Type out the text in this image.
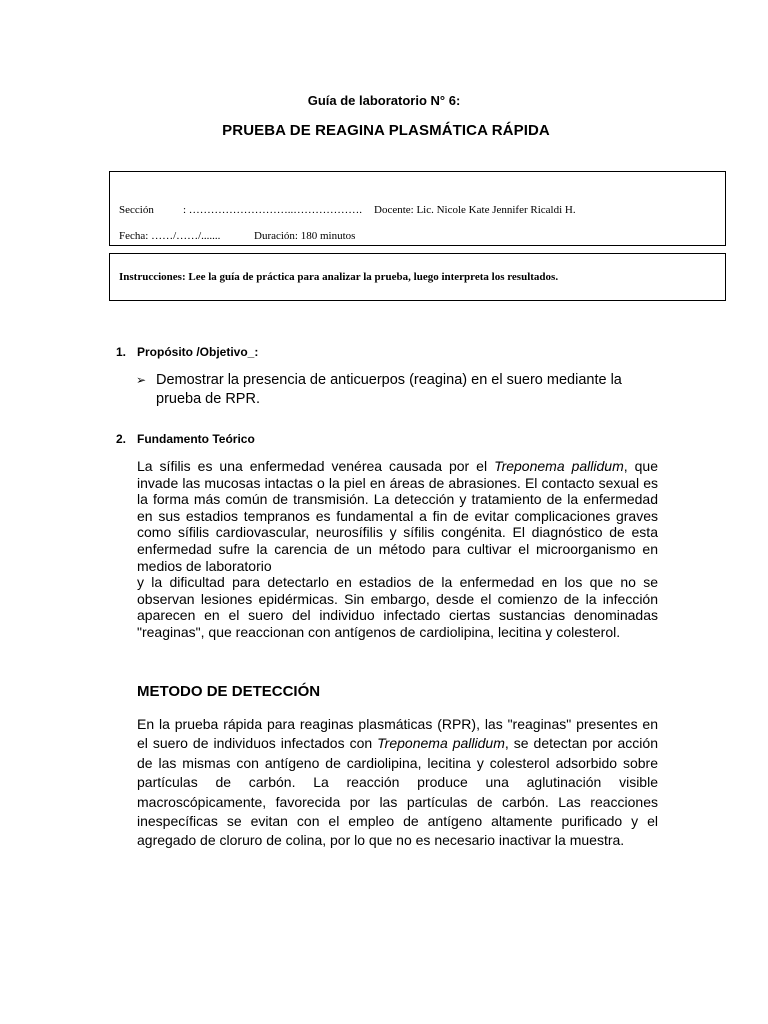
Guía de laboratorio N° 6:
PRUEBA DE REAGINA PLASMÁTICA RÁPIDA
Sección	: ………………………..………………. Docente: Lic. Nicole Kate Jennifer Ricaldi H.
Fecha: ……/……/.......	Duración: 180 minutos
Instrucciones: Lee la guía de práctica para analizar la prueba, luego interpreta los resultados.
1. Propósito /Objetivo_:
➢ Demostrar la presencia de anticuerpos (reagina) en el suero mediante la prueba de RPR.
2. Fundamento Teórico
La sífilis es una enfermedad venérea causada por el Treponema pallidum, que invade las mucosas intactas o la piel en áreas de abrasiones. El contacto sexual es la forma más común de transmisión. La detección y tratamiento de la enfermedad en sus estadios tempranos es fundamental a fin de evitar complicaciones graves como sífilis cardiovascular, neurosífilis y sífilis congénita. El diagnóstico de esta enfermedad sufre la carencia de un método para cultivar el microorganismo en medios de laboratorio
y la dificultad para detectarlo en estadios de la enfermedad en los que no se observan lesiones epidérmicas. Sin embargo, desde el comienzo de la infección aparecen en el suero del individuo infectado ciertas sustancias denominadas "reaginas", que reaccionan con antígenos de cardiolipina, lecitina y colesterol.
METODO DE DETECCIÓN
En la prueba rápida para reaginas plasmáticas (RPR), las "reaginas" presentes en el suero de individuos infectados con Treponema pallidum, se detectan por acción de las mismas con antígeno de cardiolipina, lecitina y colesterol adsorbido sobre partículas de carbón. La reacción produce una aglutinación visible macroscópicamente, favorecida por las partículas de carbón. Las reacciones inespecíficas se evitan con el empleo de antígeno altamente purificado y el agregado de cloruro de colina, por lo que no es necesario inactivar la muestra.
